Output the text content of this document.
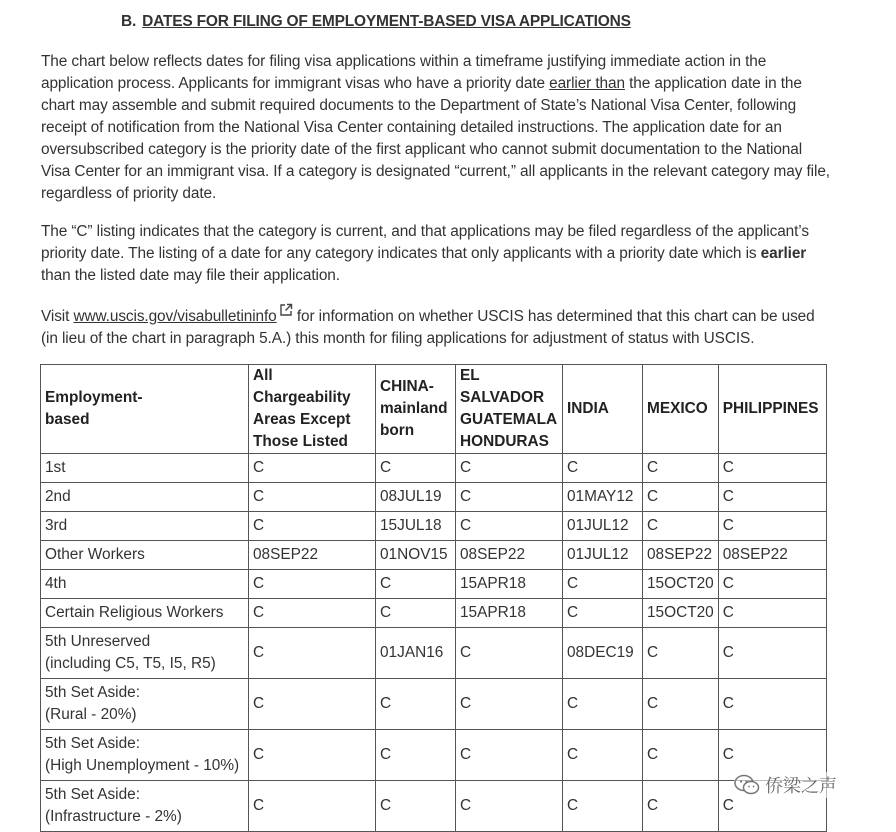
B. DATES FOR FILING OF EMPLOYMENT-BASED VISA APPLICATIONS
The chart below reflects dates for filing visa applications within a timeframe justifying immediate action in the application process. Applicants for immigrant visas who have a priority date earlier than the application date in the chart may assemble and submit required documents to the Department of State’s National Visa Center, following receipt of notification from the National Visa Center containing detailed instructions. The application date for an oversubscribed category is the priority date of the first applicant who cannot submit documentation to the National Visa Center for an immigrant visa. If a category is designated “current,” all applicants in the relevant category may file, regardless of priority date.
The “C” listing indicates that the category is current, and that applications may be filed regardless of the applicant’s priority date. The listing of a date for any category indicates that only applicants with a priority date which is earlier than the listed date may file their application.
Visit www.uscis.gov/visabulletininfo for information on whether USCIS has determined that this chart can be used (in lieu of the chart in paragraph 5.A.) this month for filing applications for adjustment of status with USCIS.
Employment-
based	All Chargeability
Areas Except
Those Listed	CHINA-
mainland
born	EL SALVADOR
GUATEMALA
HONDURAS	INDIA	MEXICO	PHILIPPINES
1st	C	C	C	C	C	C
2nd	C	08JUL19	C	01MAY12	C	C
3rd	C	15JUL18	C	01JUL12	C	C
Other Workers	08SEP22	01NOV15	08SEP22	01JUL12	08SEP22	08SEP22
4th	C	C	15APR18	C	15OCT20	C
Certain Religious Workers	C	C	15APR18	C	15OCT20	C
5th Unreserved
(including C5, T5, I5, R5)	C	01JAN16	C	08DEC19	C	C
5th Set Aside:
(Rural - 20%)	C	C	C	C	C	C
5th Set Aside:
(High Unemployment - 10%)	C	C	C	C	C	C
5th Set Aside:
(Infrastructure - 2%)	C	C	C	C	C	C
侨梁之声
